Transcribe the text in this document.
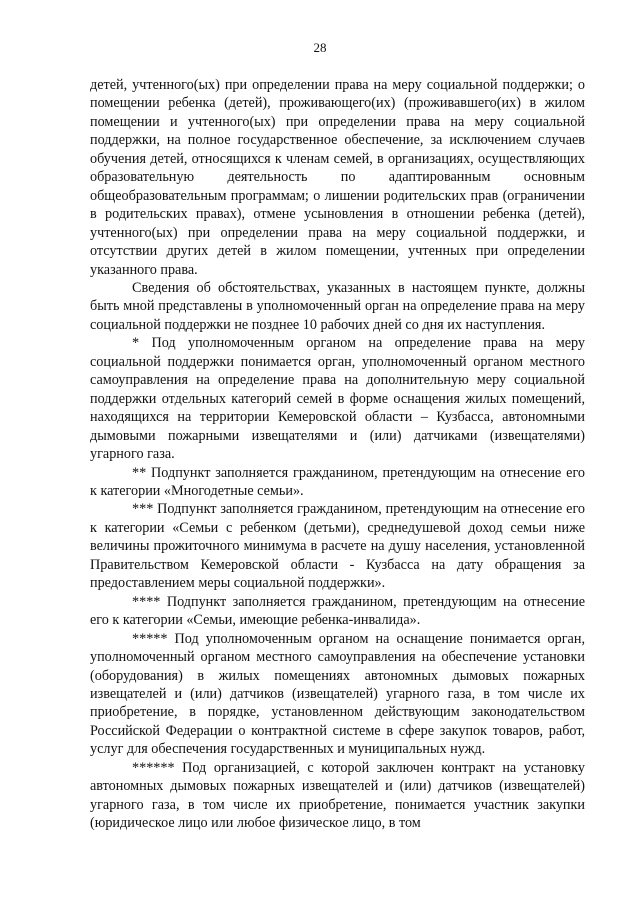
28

детей, учтенного(ых) при определении права на меру социальной поддержки; о помещении ребенка (детей), проживающего(их) (проживавшего(их) в жилом помещении и учтенного(ых) при определении права на меру социальной поддержки, на полное государственное обеспечение, за исключением случаев обучения детей, относящихся к членам семей, в организациях, осуществляющих образовательную деятельность по адаптированным основным общеобразовательным программам; о лишении родительских прав (ограничении в родительских правах), отмене усыновления в отношении ребенка (детей), учтенного(ых) при определении права на меру социальной поддержки, и отсутствии других детей в жилом помещении, учтенных при определении указанного права.

Сведения об обстоятельствах, указанных в настоящем пункте, должны быть мной представлены в уполномоченный орган на определение права на меру социальной поддержки не позднее 10 рабочих дней со дня их наступления.

* Под уполномоченным органом на определение права на меру социальной поддержки понимается орган, уполномоченный органом местного самоуправления на определение права на дополнительную меру социальной поддержки отдельных категорий семей в форме оснащения жилых помещений, находящихся на территории Кемеровской области – Кузбасса, автономными дымовыми пожарными извещателями и (или) датчиками (извещателями) угарного газа.

** Подпункт заполняется гражданином, претендующим на отнесение его к категории «Многодетные семьи».

*** Подпункт заполняется гражданином, претендующим на отнесение его к категории «Семьи с ребенком (детьми), среднедушевой доход семьи ниже величины прожиточного минимума в расчете на душу населения, установленной Правительством Кемеровской области - Кузбасса на дату обращения за предоставлением меры социальной поддержки».

**** Подпункт заполняется гражданином, претендующим на отнесение его к категории «Семьи, имеющие ребенка-инвалида».

***** Под уполномоченным органом на оснащение понимается орган, уполномоченный органом местного самоуправления на обеспечение установки (оборудования) в жилых помещениях автономных дымовых пожарных извещателей и (или) датчиков (извещателей) угарного газа, в том числе их приобретение, в порядке, установленном действующим законодательством Российской Федерации о контрактной системе в сфере закупок товаров, работ, услуг для обеспечения государственных и муниципальных нужд.

****** Под организацией, с которой заключен контракт на установку автономных дымовых пожарных извещателей и (или) датчиков (извещателей) угарного газа, в том числе их приобретение, понимается участник закупки (юридическое лицо или любое физическое лицо, в том
